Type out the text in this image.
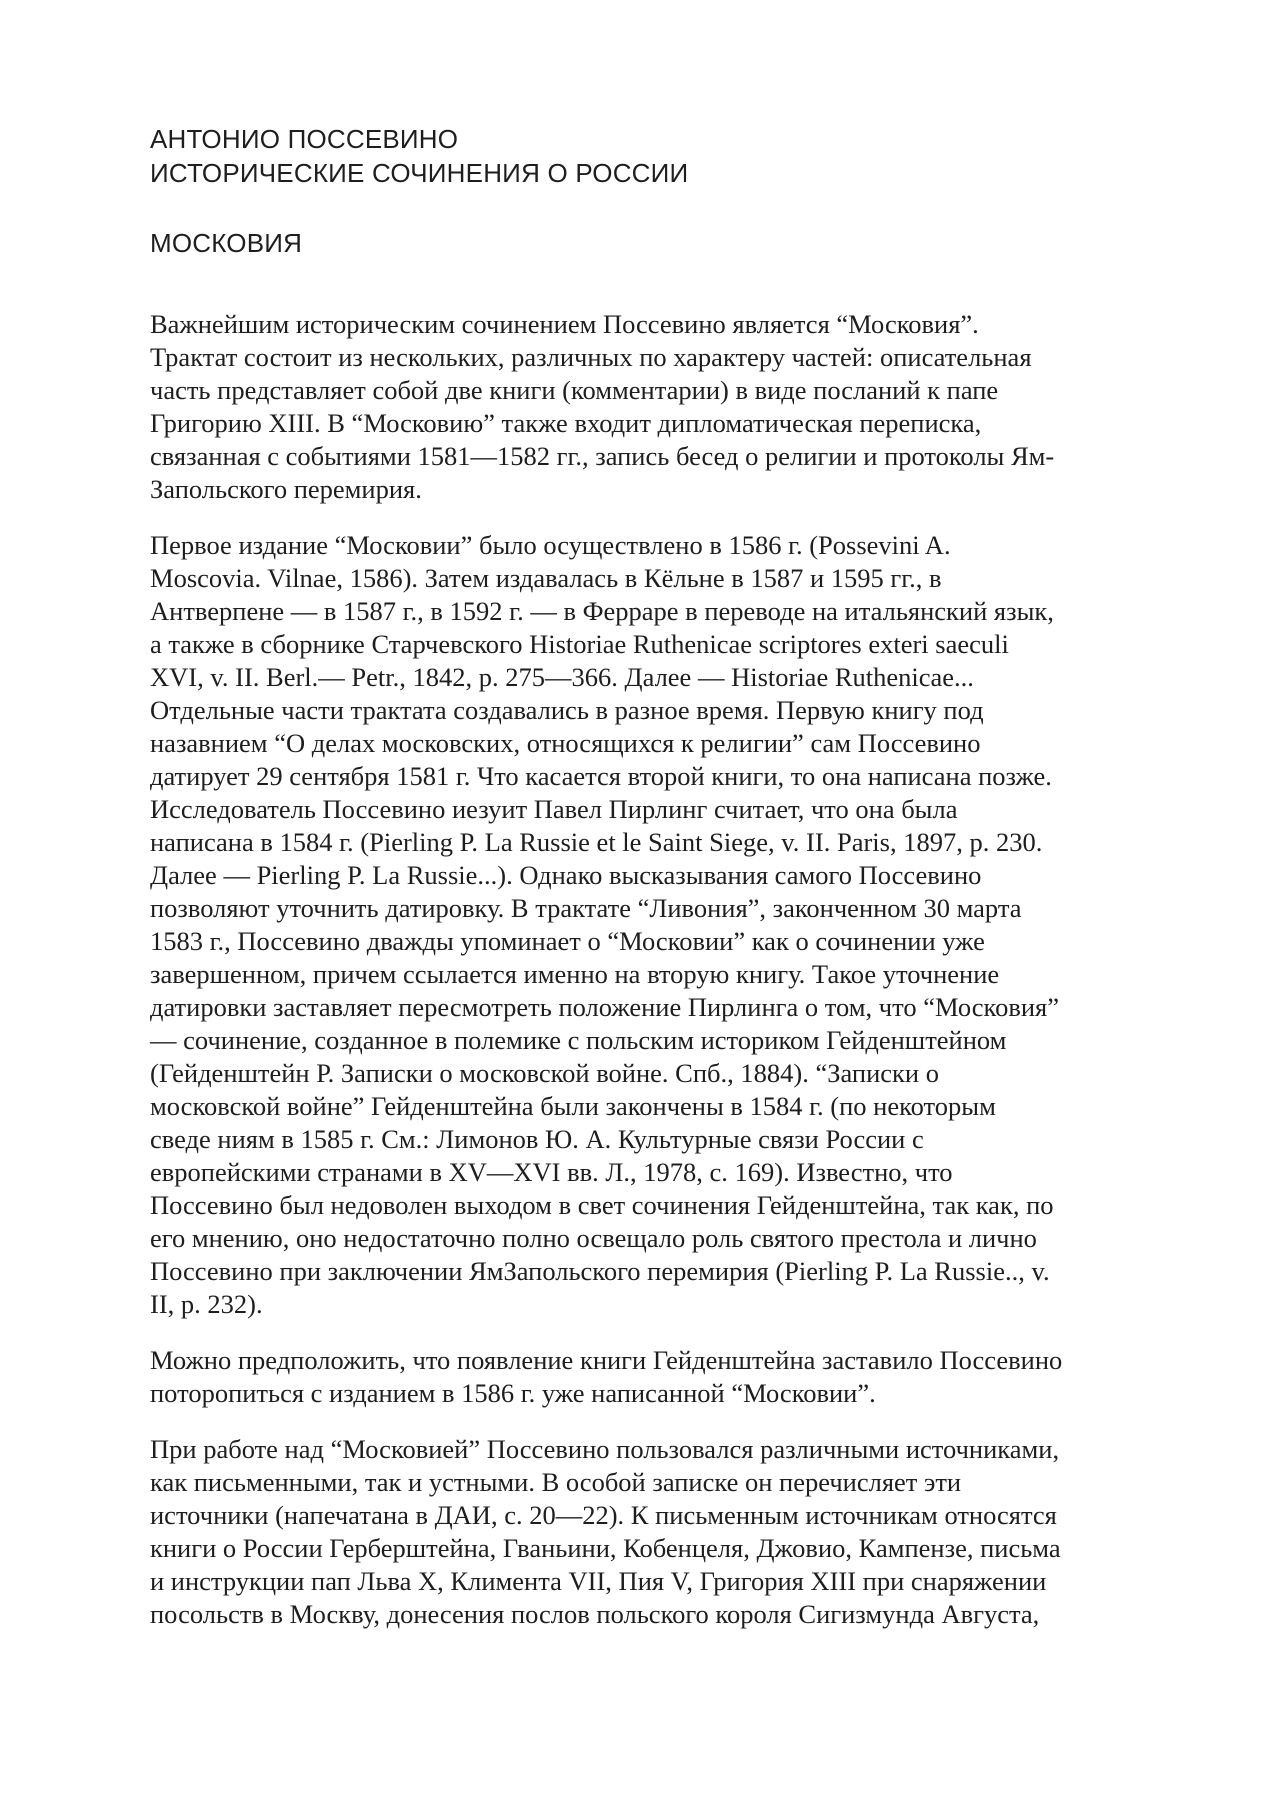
АНТОНИО ПОССЕВИНО
ИСТОРИЧЕСКИЕ СОЧИНЕНИЯ О РОССИИ
МОСКОВИЯ

Важнейшим историческим сочинением Поссевино является “Московия”.
Трактат состоит из нескольких, различных по характеру частей: описательная
часть представляет собой две книги (комментарии) в виде посланий к папе
Григорию XIII. В “Московию” также входит дипломатическая переписка,
связанная с событиями 1581—1582 гг., запись бесед о религии и протоколы Ям-
Запольского перемирия.

Первое издание “Московии” было осуществлено в 1586 г. (Possevini A.
Moscovia. Vilnae, 1586). Затем издавалась в Кёльне в 1587 и 1595 гг., в
Антверпене — в 1587 г., в 1592 г. — в Ферраре в переводе на итальянский язык,
а также в сборнике Старчевского Historiae Ruthenicae scriptores exteri saeculi
XVI, v. II. Berl.— Petr., 1842, p. 275—366. Далее — Historiae Ruthenicae...
Отдельные части трактата создавались в разное время. Первую книгу под
назавнием “О делах московских, относящихся к религии” сам Поссевино
датирует 29 сентября 1581 г. Что касается второй книги, то она написана позже.
Исследователь Поссевино иезуит Павел Пирлинг считает, что она была
написана в 1584 г. (Pierling P. La Russie et le Saint Siege, v. II. Paris, 1897, p. 230.
Далее — Pierling P. La Russie...). Однако высказывания самого Поссевино
позволяют уточнить датировку. В трактате “Ливония”, законченном 30 марта
1583 г., Поссевино дважды упоминает о “Московии” как о сочинении уже
завершенном, причем ссылается именно на вторую книгу. Такое уточнение
датировки заставляет пересмотреть положение Пирлинга о том, что “Московия”
— сочинение, созданное в полемике с польским историком Гейденштейном
(Гейденштейн Р. Записки о московской войне. Спб., 1884). “Записки о
московской войне” Гейденштейна были закончены в 1584 г. (по некоторым
сведе ниям в 1585 г. См.: Лимонов Ю. А. Культурные связи России с
европейскими странами в XV—XVI вв. Л., 1978, с. 169). Известно, что
Поссевино был недоволен выходом в свет сочинения Гейденштейна, так как, по
его мнению, оно недостаточно полно освещало роль святого престола и лично
Поссевино при заключении ЯмЗапольского перемирия (Pierling P. La Russie.., v.
II, p. 232).

Можно предположить, что появление книги Гейденштейна заставило Поссевино
поторопиться с изданием в 1586 г. уже написанной “Московии”.

При работе над “Московией” Поссевино пользовался различными источниками,
как письменными, так и устными. В особой записке он перечисляет эти
источники (напечатана в ДАИ, с. 20—22). К письменным источникам относятся
книги о России Герберштейна, Гваньини, Кобенцеля, Джовио, Кампензе, письма
и инструкции пап Льва X, Климента VII, Пия V, Григория XIII при снаряжении
посольств в Москву, донесения послов польского короля Сигизмунда Августа,
